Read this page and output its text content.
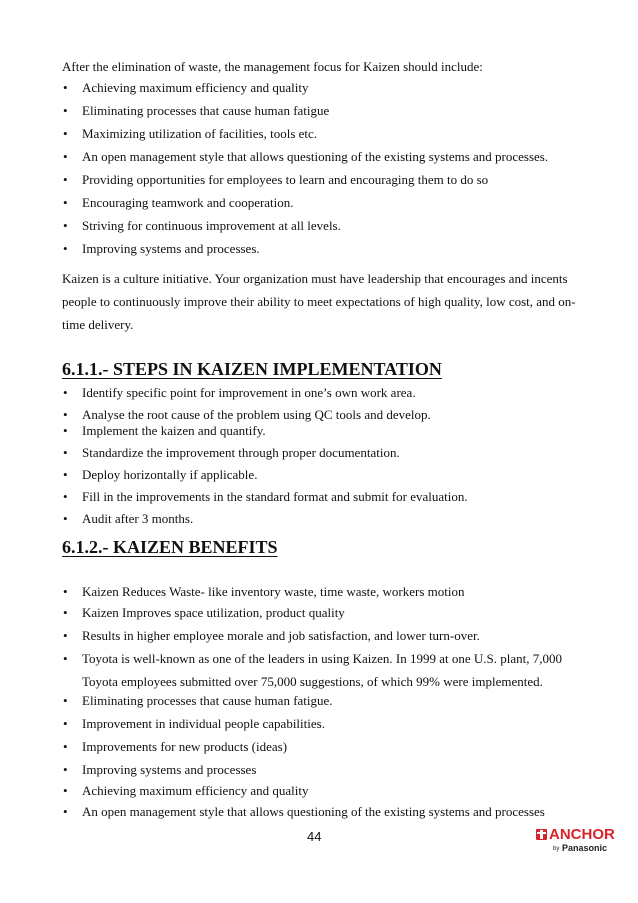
After the elimination of waste, the management focus for Kaizen should include:

• Achieving maximum efficiency and quality
• Eliminating processes that cause human fatigue
• Maximizing utilization of facilities, tools etc.
• An open management style that allows questioning of the existing systems and processes.
• Providing opportunities for employees to learn and encouraging them to do so
• Encouraging teamwork and cooperation.
• Striving for continuous improvement at all levels.
• Improving systems and processes.

Kaizen is a culture initiative. Your organization must have leadership that encourages and incents people to continuously improve their ability to meet expectations of high quality, low cost, and on-time delivery.

6.1.1.- STEPS IN KAIZEN IMPLEMENTATION
• Identify specific point for improvement in one’s own work area.
• Analyse the root cause of the problem using QC tools and develop.
• Implement the kaizen and quantify.
• Standardize the improvement through proper documentation.
• Deploy horizontally if applicable.
• Fill in the improvements in the standard format and submit for evaluation.
• Audit after 3 months.
6.1.2.- KAIZEN BENEFITS
• Kaizen Reduces Waste- like inventory waste, time waste, workers motion
• Kaizen Improves space utilization, product quality
• Results in higher employee morale and job satisfaction, and lower turn-over.
• Toyota is well-known as one of the leaders in using Kaizen. In 1999 at one U.S. plant, 7,000
Toyota employees submitted over 75,000 suggestions, of which 99% were implemented.
• Eliminating processes that cause human fatigue.
• Improvement in individual people capabilities.
• Improvements for new products (ideas)
• Improving systems and processes
• Achieving maximum efficiency and quality
• An open management style that allows questioning of the existing systems and processes
44	ANCHOR
by Panasonic
